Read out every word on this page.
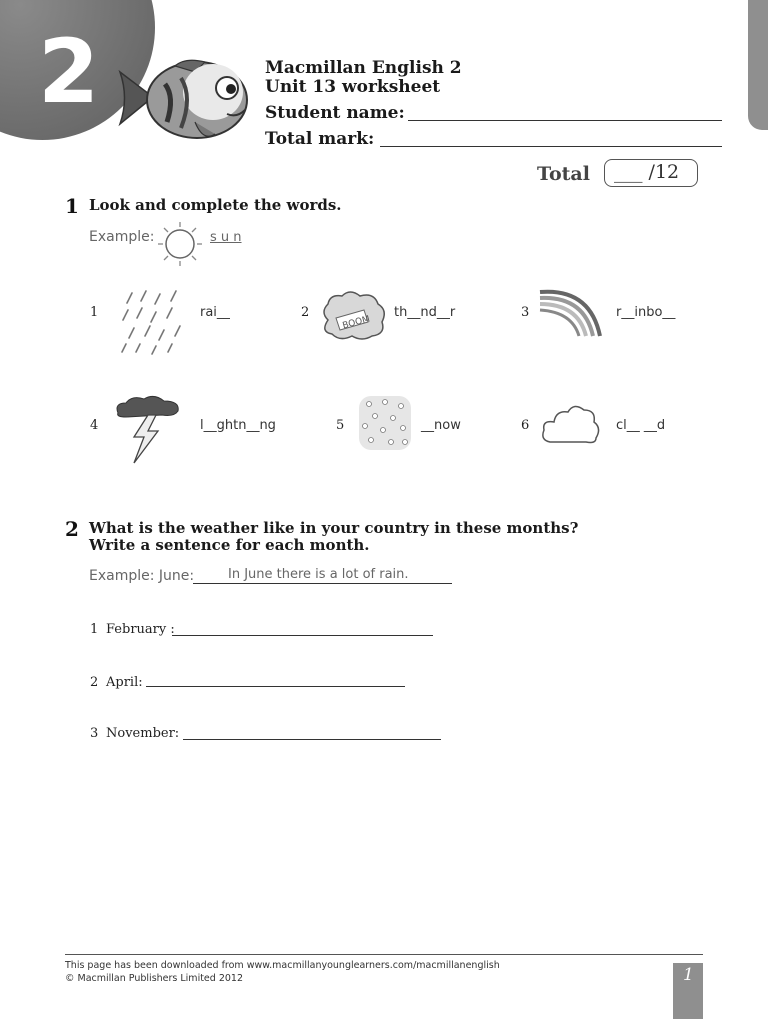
2	Macmillan English 2
Unit 13 worksheet
Student name:
Total mark:
Total ___ /12
1 Look and complete the words.
Example:	s u n
1	rai__	2
BOOM
th__nd__r	3	r__inbo__
4	l__ghtn__ng	5	__now	6	cl__ __d
2 What is the weather like in your country in these months?
Write a sentence for each month.
Example: June:	In June there is a lot of rain.
1 February :
2 April:
3 November:
This page has been downloaded from www.macmillanyounglearners.com/macmillanenglish
© Macmillan Publishers Limited 2012	1
